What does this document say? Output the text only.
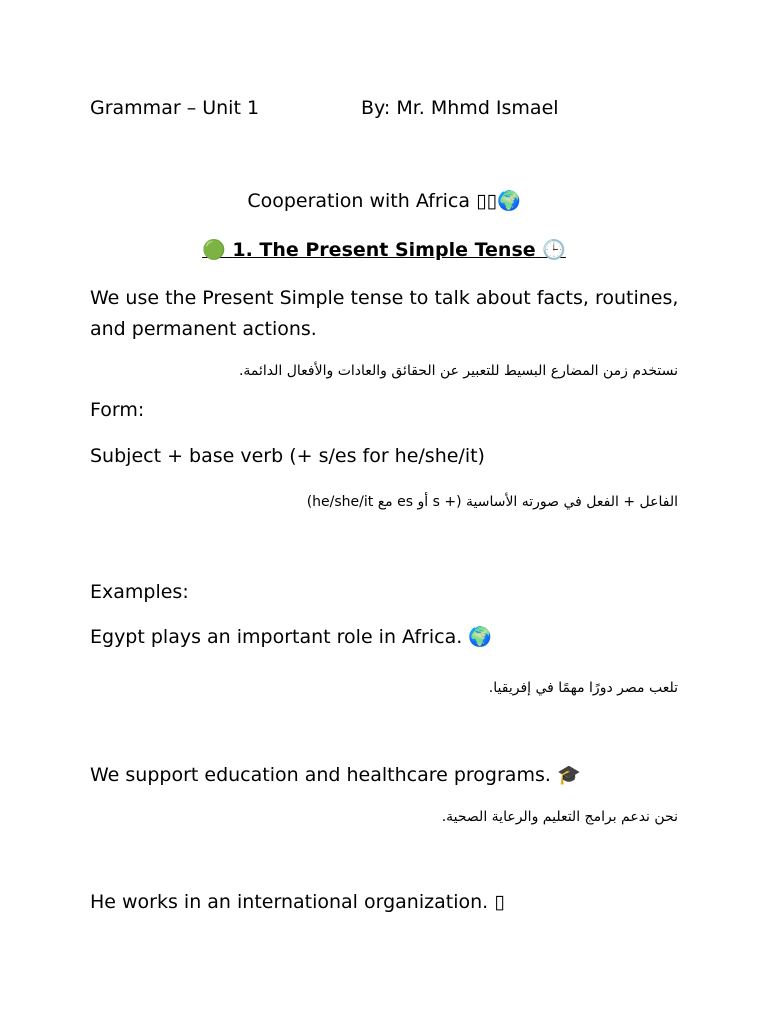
Grammar – Unit 1	By: Mr. Mhmd Ismael
Cooperation with Africa ▯▯🌍
🟢 1. The Present Simple Tense 🕒
We use the Present Simple tense to talk about facts, routines, and permanent actions.
نستخدم زمن المضارع البسيط للتعبير عن الحقائق والعادات والأفعال الدائمة.
Form:
Subject + base verb (+ s/es for he/she/it)
الفاعل + الفعل في صورته الأساسية (+ s أو es مع he/she/it)
Examples:
Egypt plays an important role in Africa. 🌍
تلعب مصر دورًا مهمًا في إفريقيا.
We support education and healthcare programs. 🎓
نحن ندعم برامج التعليم والرعاية الصحية.
He works in an international organization. ▯
